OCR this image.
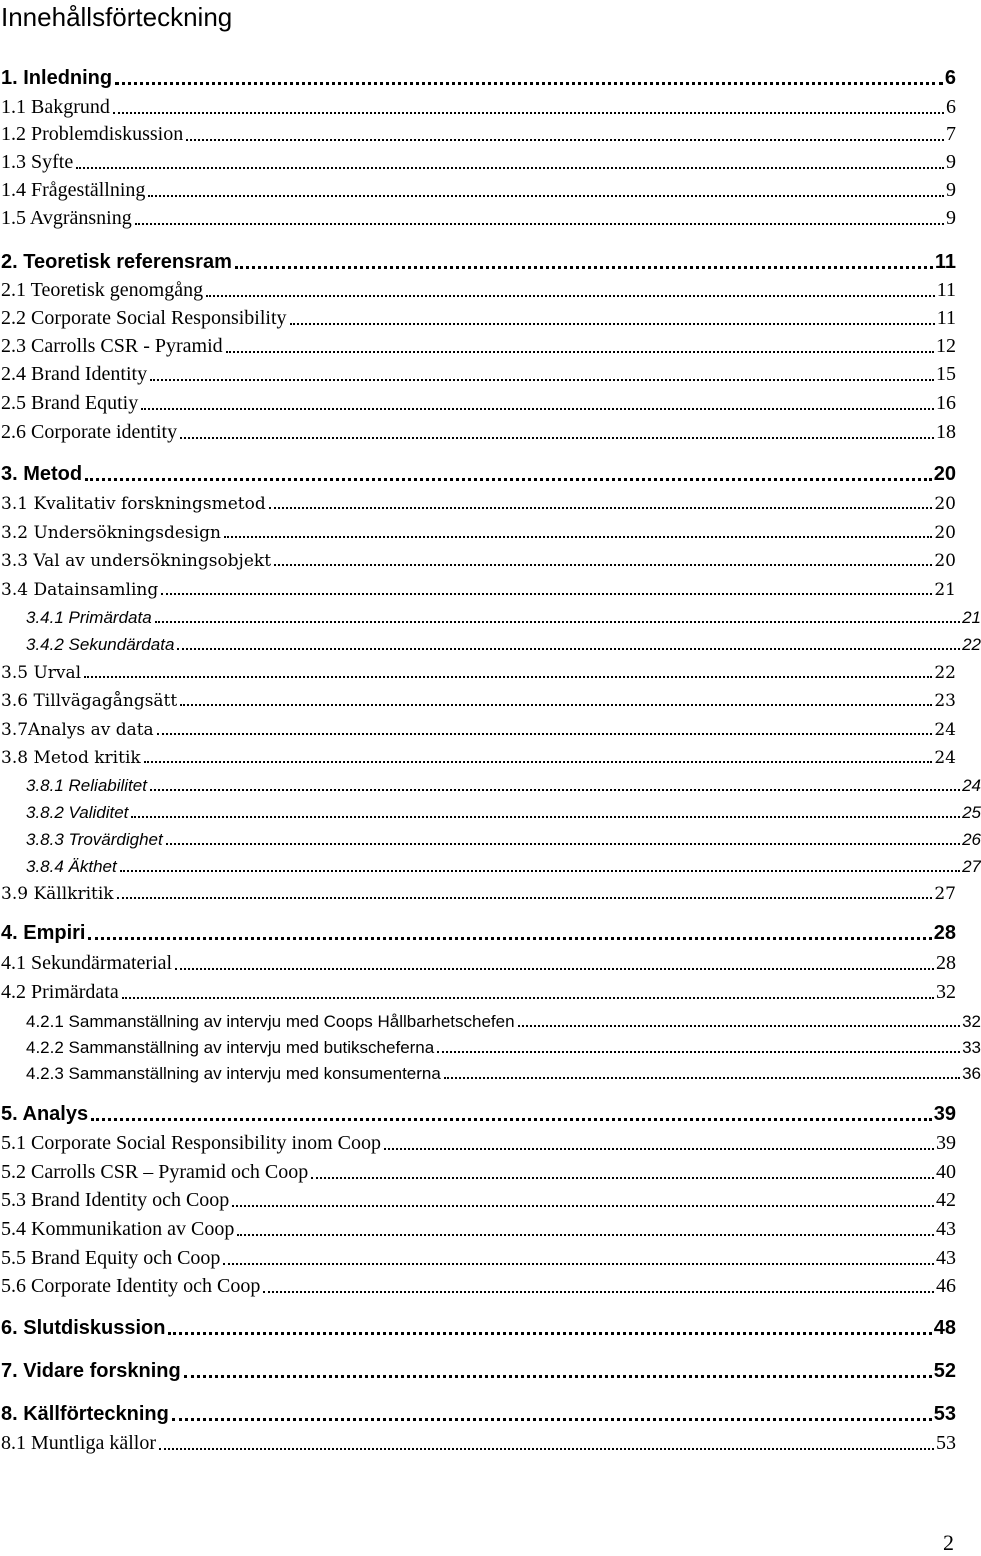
Innehållsförteckning
1. Inledning	6
1.1 Bakgrund	6
1.2 Problemdiskussion	7
1.3 Syfte	9
1.4 Frågeställning	9
1.5 Avgränsning	9
2. Teoretisk referensram	11
2.1 Teoretisk genomgång	11
2.2 Corporate Social Responsibility	11
2.3 Carrolls CSR - Pyramid	12
2.4 Brand Identity	15
2.5 Brand Equtiy	16
2.6 Corporate identity	18
3. Metod	20
3.1 Kvalitativ forskningsmetod	20
3.2 Undersökningsdesign	20
3.3 Val av undersökningsobjekt	20
3.4 Datainsamling	21
3.4.1 Primärdata	21
3.4.2 Sekundärdata	22
3.5 Urval	22
3.6 Tillvägagångsätt	23
3.7Analys av data	24
3.8 Metod kritik	24
3.8.1 Reliabilitet	24
3.8.2 Validitet	25
3.8.3 Trovärdighet	26
3.8.4 Äkthet	27
3.9 Källkritik	27
4. Empiri	28
4.1 Sekundärmaterial	28
4.2 Primärdata	32
4.2.1 Sammanställning av intervju med Coops Hållbarhetschefen	32
4.2.2 Sammanställning av intervju med butikscheferna	33
4.2.3 Sammanställning av intervju med konsumenterna	36
5. Analys	39
5.1 Corporate Social Responsibility inom Coop	39
5.2 Carrolls CSR – Pyramid och Coop	40
5.3 Brand Identity och Coop	42
5.4 Kommunikation av Coop	43
5.5 Brand Equity och Coop	43
5.6 Corporate Identity och Coop	46
6. Slutdiskussion	48
7. Vidare forskning	52
8. Källförteckning	53
8.1 Muntliga källor	53
2
